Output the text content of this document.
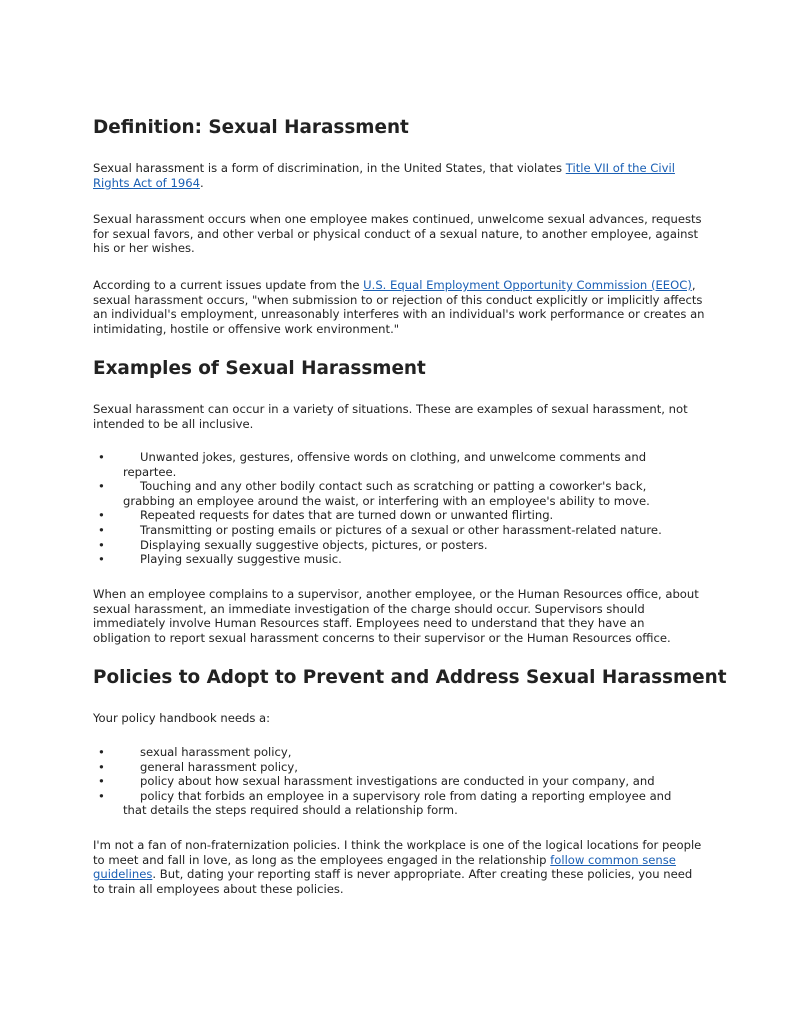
Definition: Sexual Harassment

Sexual harassment is a form of discrimination, in the United States, that violates Title VII of the Civil Rights Act of 1964.

Sexual harassment occurs when one employee makes continued, unwelcome sexual advances, requests for sexual favors, and other verbal or physical conduct of a sexual nature, to another employee, against his or her wishes.

According to a current issues update from the U.S. Equal Employment Opportunity Commission (EEOC), sexual harassment occurs, "when submission to or rejection of this conduct explicitly or implicitly affects an individual's employment, unreasonably interferes with an individual's work performance or creates an intimidating, hostile or offensive work environment."

Examples of Sexual Harassment

Sexual harassment can occur in a variety of situations. These are examples of sexual harassment, not intended to be all inclusive.

•	Unwanted jokes, gestures, offensive words on clothing, and unwelcome comments and repartee.
•	Touching and any other bodily contact such as scratching or patting a coworker's back, grabbing an employee around the waist, or interfering with an employee's ability to move.
•	Repeated requests for dates that are turned down or unwanted flirting.
•	Transmitting or posting emails or pictures of a sexual or other harassment-related nature.
•	Displaying sexually suggestive objects, pictures, or posters.
•	Playing sexually suggestive music.

When an employee complains to a supervisor, another employee, or the Human Resources office, about sexual harassment, an immediate investigation of the charge should occur. Supervisors should immediately involve Human Resources staff. Employees need to understand that they have an obligation to report sexual harassment concerns to their supervisor or the Human Resources office.

Policies to Adopt to Prevent and Address Sexual Harassment

Your policy handbook needs a:

•	sexual harassment policy,
•	general harassment policy,
•	policy about how sexual harassment investigations are conducted in your company, and
•	policy that forbids an employee in a supervisory role from dating a reporting employee and that details the steps required should a relationship form.

I'm not a fan of non-fraternization policies. I think the workplace is one of the logical locations for people to meet and fall in love, as long as the employees engaged in the relationship follow common sense guidelines. But, dating your reporting staff is never appropriate. After creating these policies, you need to train all employees about these policies.
